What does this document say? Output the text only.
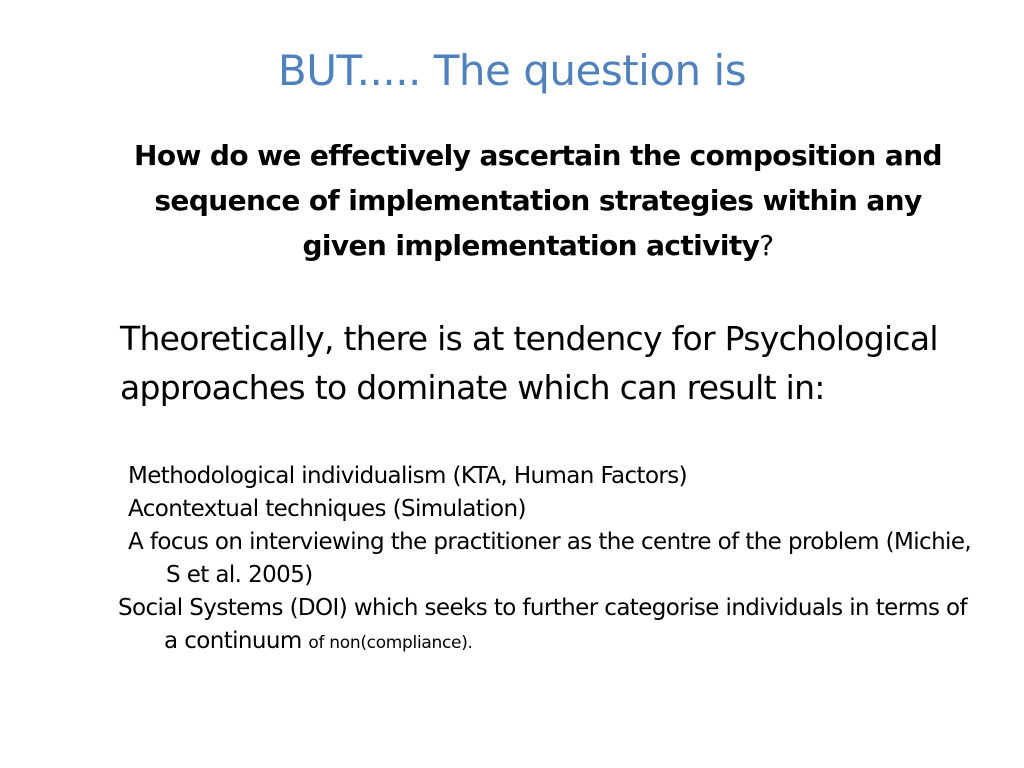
BUT..... The question is
How do we effectively ascertain the composition and sequence of implementation strategies within any given implementation activity?
Theoretically, there is at tendency for Psychological approaches to dominate which can result in:

Methodological individualism (KTA, Human Factors)

Acontextual techniques (Simulation)

A focus on interviewing the practitioner as the centre of the problem (Michie, S et al. 2005)

Social Systems (DOI) which seeks to further categorise individuals in terms of a continuum of non(compliance).
